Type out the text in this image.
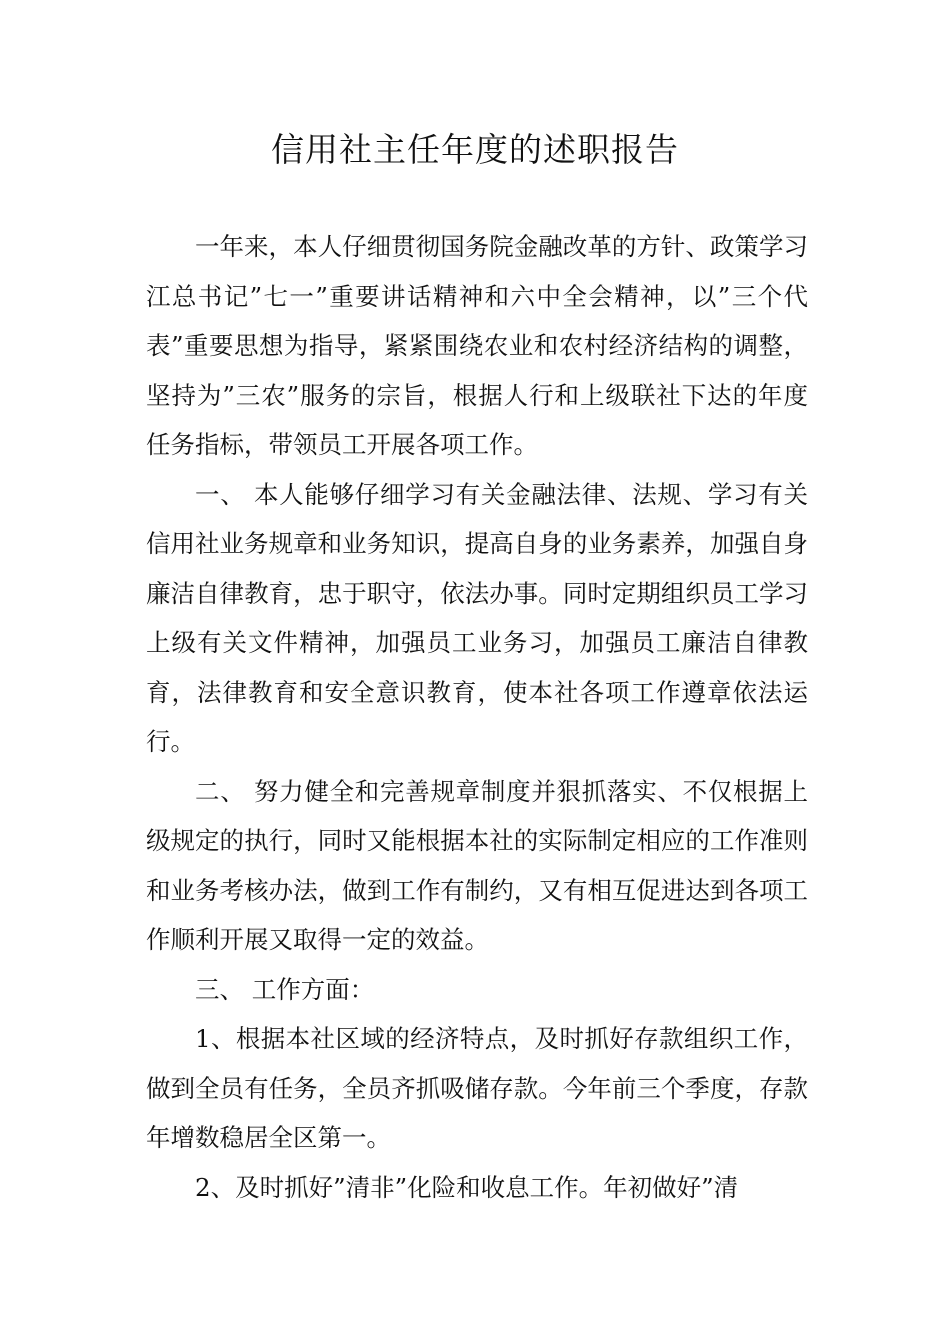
信用社主任年度的述职报告

一年来，本人仔细贯彻国务院金融改革的方针、政策学习江总书记”七一”重要讲话精神和六中全会精神，以”三个代表”重要思想为指导，紧紧围绕农业和农村经济结构的调整，坚持为”三农”服务的宗旨，根据人行和上级联社下达的年度任务指标，带领员工开展各项工作。

一、 本人能够仔细学习有关金融法律、法规、学习有关信用社业务规章和业务知识，提高自身的业务素养，加强自身廉洁自律教育，忠于职守，依法办事。同时定期组织员工学习上级有关文件精神，加强员工业务习，加强员工廉洁自律教育，法律教育和安全意识教育，使本社各项工作遵章依法运行。

二、 努力健全和完善规章制度并狠抓落实、不仅根据上级规定的执行，同时又能根据本社的实际制定相应的工作准则和业务考核办法，做到工作有制约，又有相互促进达到各项工作顺利开展又取得一定的效益。

三、 工作方面：

1、根据本社区域的经济特点，及时抓好存款组织工作，做到全员有任务，全员齐抓吸储存款。今年前三个季度，存款年增数稳居全区第一。

2、及时抓好”清非”化险和收息工作。年初做好”清
